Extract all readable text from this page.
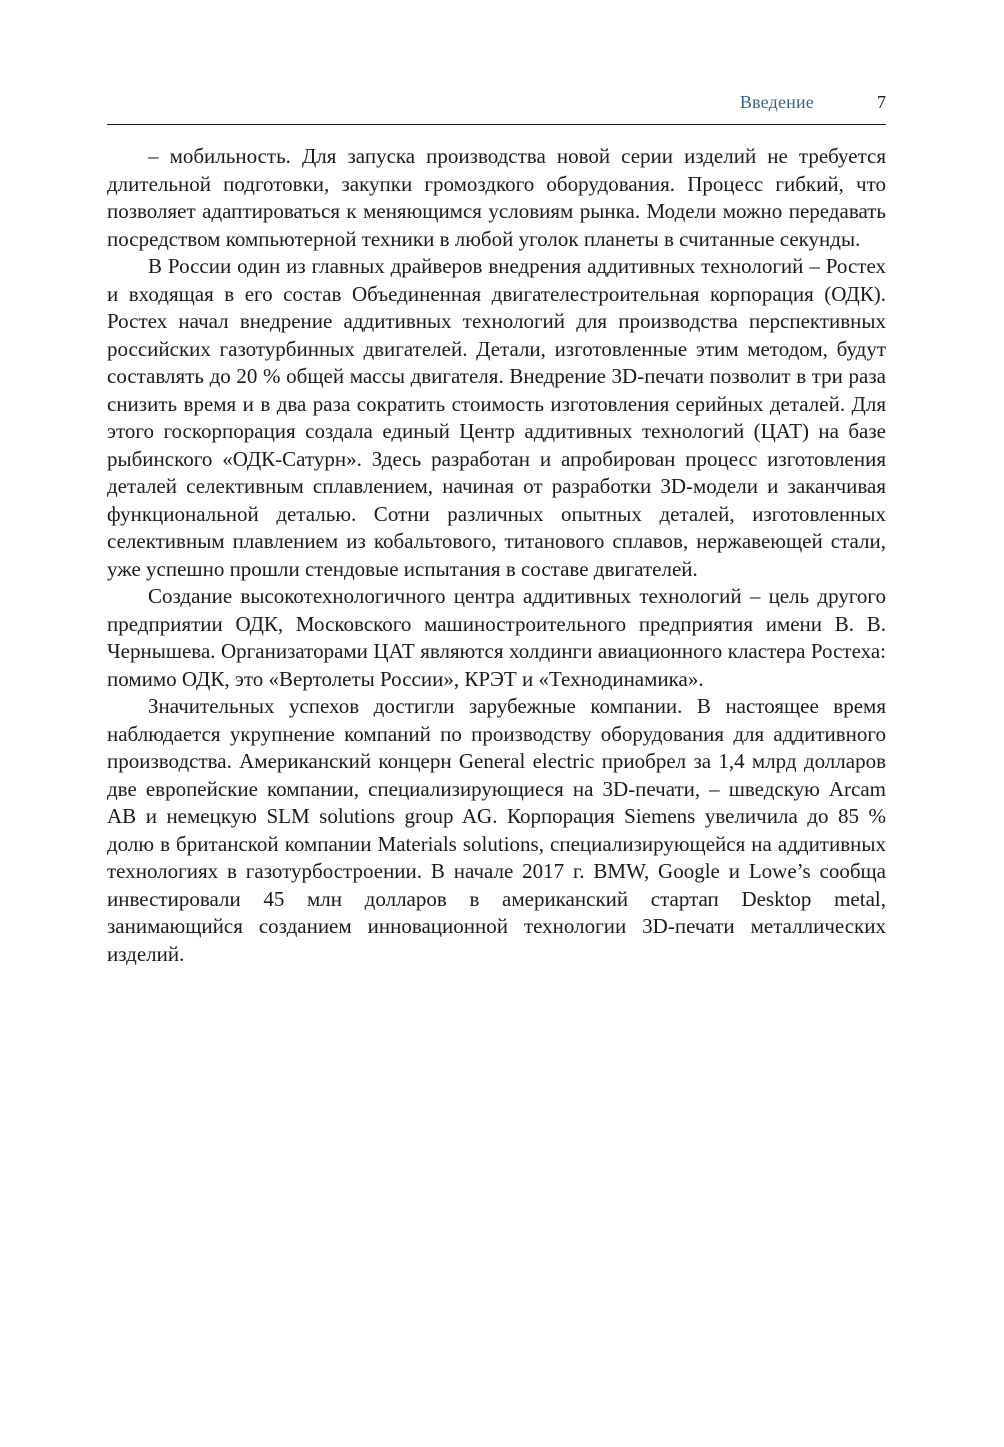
Введение	7

– мобильность. Для запуска производства новой серии изделий не требуется длительной подготовки, закупки громоздкого оборудования. Процесс гибкий, что позволяет адаптироваться к меняющимся условиям рынка. Модели можно передавать посредством компьютерной техники в любой уголок планеты в считанные секунды.

В России один из главных драйверов внедрения аддитивных технологий – Ростех и входящая в его состав Объединенная двигателестроительная корпорация (ОДК). Ростех начал внедрение аддитивных технологий для производства перспективных российских газотурбинных двигателей. Детали, изготовленные этим методом, будут составлять до 20 % общей массы двигателя. Внедрение 3D-печати позволит в три раза снизить время и в два раза сократить стоимость изготовления серийных деталей. Для этого госкорпорация создала единый Центр аддитивных технологий (ЦАТ) на базе рыбинского «ОДК-Сатурн». Здесь разработан и апробирован процесс изготовления деталей селективным сплавлением, начиная от разработки 3D-модели и заканчивая функциональной деталью. Сотни различных опытных деталей, изготовленных селективным плавлением из кобальтового, титанового сплавов, нержавеющей стали, уже успешно прошли стендовые испытания в составе двигателей.

Создание высокотехнологичного центра аддитивных технологий – цель другого предприятии ОДК, Московского машиностроительного предприятия имени В. В. Чернышева. Организаторами ЦАТ являются холдинги авиационного кластера Ростеха: помимо ОДК, это «Вертолеты России», КРЭТ и «Технодинамика».

Значительных успехов достигли зарубежные компании. В настоящее время наблюдается укрупнение компаний по производству оборудования для аддитивного производства. Американский концерн General electric приобрел за 1,4 млрд долларов две европейские компании, специализирующиеся на 3D-печати, – шведскую Arcam AB и немецкую SLM solutions group AG. Корпорация Siemens увеличила до 85 % долю в британской компании Materials solutions, специализирующейся на аддитивных технологиях в газотурбостроении. В начале 2017 г. BMW, Google и Lowe’s сообща инвестировали 45 млн долларов в американский стартап Desktop metal, занимающийся созданием инновационной технологии 3D-печати металлических изделий.
